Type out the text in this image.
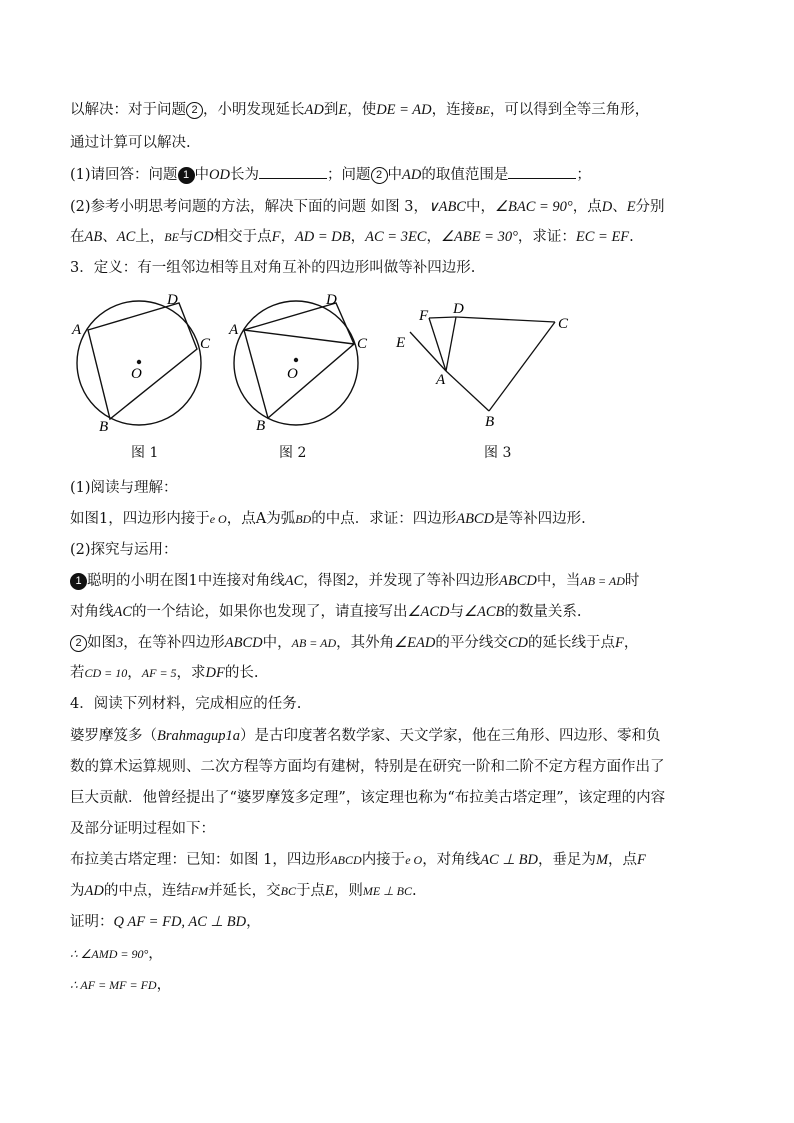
以解决：对于问题 2 ，小明发现延长AD到E，使DE = AD，连接BE，可以得到全等三角形，
通过计算可以解决.
(1)请回答：问题 1 中OD长为	；问题 2 中AD的取值范围是	；
(2)参考小明思考问题的方法，解决下面的问题 如图 3，∨ABC中，∠BAC = 90°，点D、E分别
在AB、AC上，BE与CD相交于点F，AD = DB，AC = 3EC，∠ABE = 30°，求证：EC = EF.
3．定义：有一组邻边相等且对角互补的四边形叫做等补四边形.
A
D
C
B
O
图 1
A
D
C
B
O
图 2
F D
C
E
A
B
图 3
(1)阅读与理解：
如图1，四边形内接于e O，点A为弧BD的中点．求证：四边形ABCD是等补四边形.
(2)探究与运用：
1 聪明的小明在图1中连接对角线AC，得图2，并发现了等补四边形ABCD中，当AB = AD时
对角线AC的一个结论，如果你也发现了，请直接写出∠ACD与∠ACB的数量关系.
2 如图3，在等补四边形ABCD中，AB = AD，其外角∠EAD的平分线交CD的延长线于点F，
若CD = 10，AF = 5，求DF的长.
4．阅读下列材料，完成相应的任务.
婆罗摩笈多（Brahmagup1a）是古印度著名数学家、天文学家，他在三角形、四边形、零和负
数的算术运算规则、二次方程等方面均有建树，特别是在研究一阶和二阶不定方程方面作出了
巨大贡献．他曾经提出了“婆罗摩笈多定理”，该定理也称为“布拉美古塔定理”，该定理的内容
及部分证明过程如下：
布拉美古塔定理：已知：如图 1，四边形ABCD内接于e O，对角线AC ⊥ BD，垂足为M，点F
为AD的中点，连结FM并延长，交BC于点E，则ME ⊥ BC.
证明：Q AF = FD, AC ⊥ BD，
∴ ∠AMD = 90°，
∴ AF = MF = FD，
